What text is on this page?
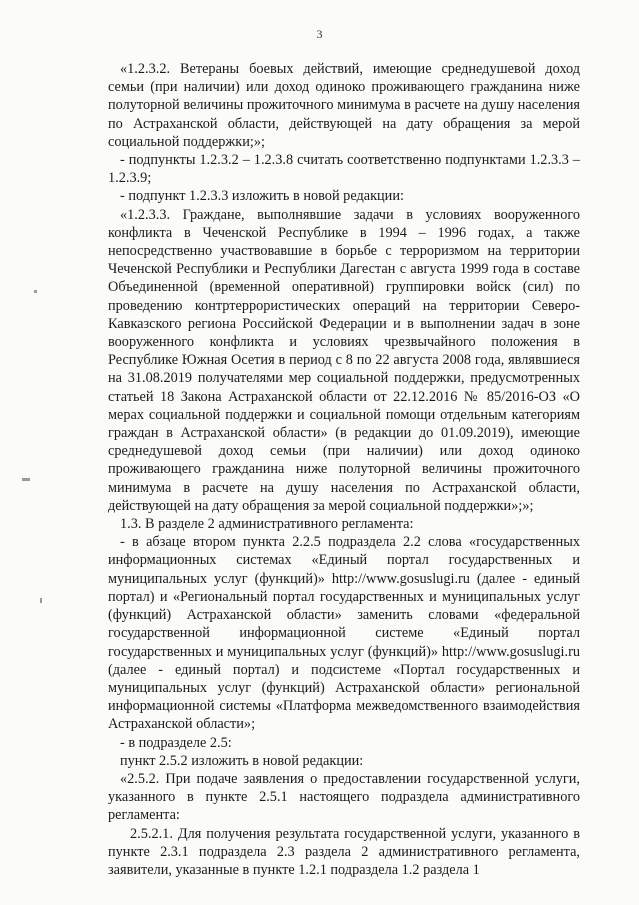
3

«1.2.3.2. Ветераны боевых действий, имеющие среднедушевой доход семьи (при наличии) или доход одиноко проживающего гражданина ниже полуторной величины прожиточного минимума в расчете на душу населения по Астраханской области, действующей на дату обращения за мерой социальной поддержки;»;

- подпункты 1.2.3.2 – 1.2.3.8 считать соответственно подпунктами 1.2.3.3 – 1.2.3.9;

- подпункт 1.2.3.3 изложить в новой редакции:

«1.2.3.3. Граждане, выполнявшие задачи в условиях вооруженного конфликта в Чеченской Республике в 1994 – 1996 годах, а также непосредственно участвовавшие в борьбе с терроризмом на территории Чеченской Республики и Республики Дагестан с августа 1999 года в составе Объединенной (временной оперативной) группировки войск (сил) по проведению контртеррористических операций на территории Северо-Кавказского региона Российской Федерации и в выполнении задач в зоне вооруженного конфликта и условиях чрезвычайного положения в Республике Южная Осетия в период с 8 по 22 августа 2008 года, являвшиеся на 31.08.2019 получателями мер социальной поддержки, предусмотренных статьей 18 Закона Астраханской области от 22.12.2016 № 85/2016-ОЗ «О мерах социальной поддержки и социальной помощи отдельным категориям граждан в Астраханской области» (в редакции до 01.09.2019), имеющие среднедушевой доход семьи (при наличии) или доход одиноко проживающего гражданина ниже полуторной величины прожиточного минимума в расчете на душу населения по Астраханской области, действующей на дату обращения за мерой социальной поддержки»;»;

1.3. В разделе 2 административного регламента:

- в абзаце втором пункта 2.2.5 подраздела 2.2 слова «государственных информационных системах «Единый портал государственных и муниципальных услуг (функций)» http://www.gosuslugi.ru (далее - единый портал) и «Региональный портал государственных и муниципальных услуг (функций) Астраханской области» заменить словами «федеральной государственной информационной системе «Единый портал государственных и муниципальных услуг (функций)» http://www.gosuslugi.ru (далее - единый портал) и подсистеме «Портал государственных и муниципальных услуг (функций) Астраханской области» региональной информационной системы «Платформа межведомственного взаимодействия Астраханской области»;

- в подразделе 2.5:

пункт 2.5.2 изложить в новой редакции:

«2.5.2. При подаче заявления о предоставлении государственной услуги, указанного в пункте 2.5.1 настоящего подраздела административного регламента:

2.5.2.1. Для получения результата государственной услуги, указанного в пункте 2.3.1 подраздела 2.3 раздела 2 административного регламента, заявители, указанные в пункте 1.2.1 подраздела 1.2 раздела 1
